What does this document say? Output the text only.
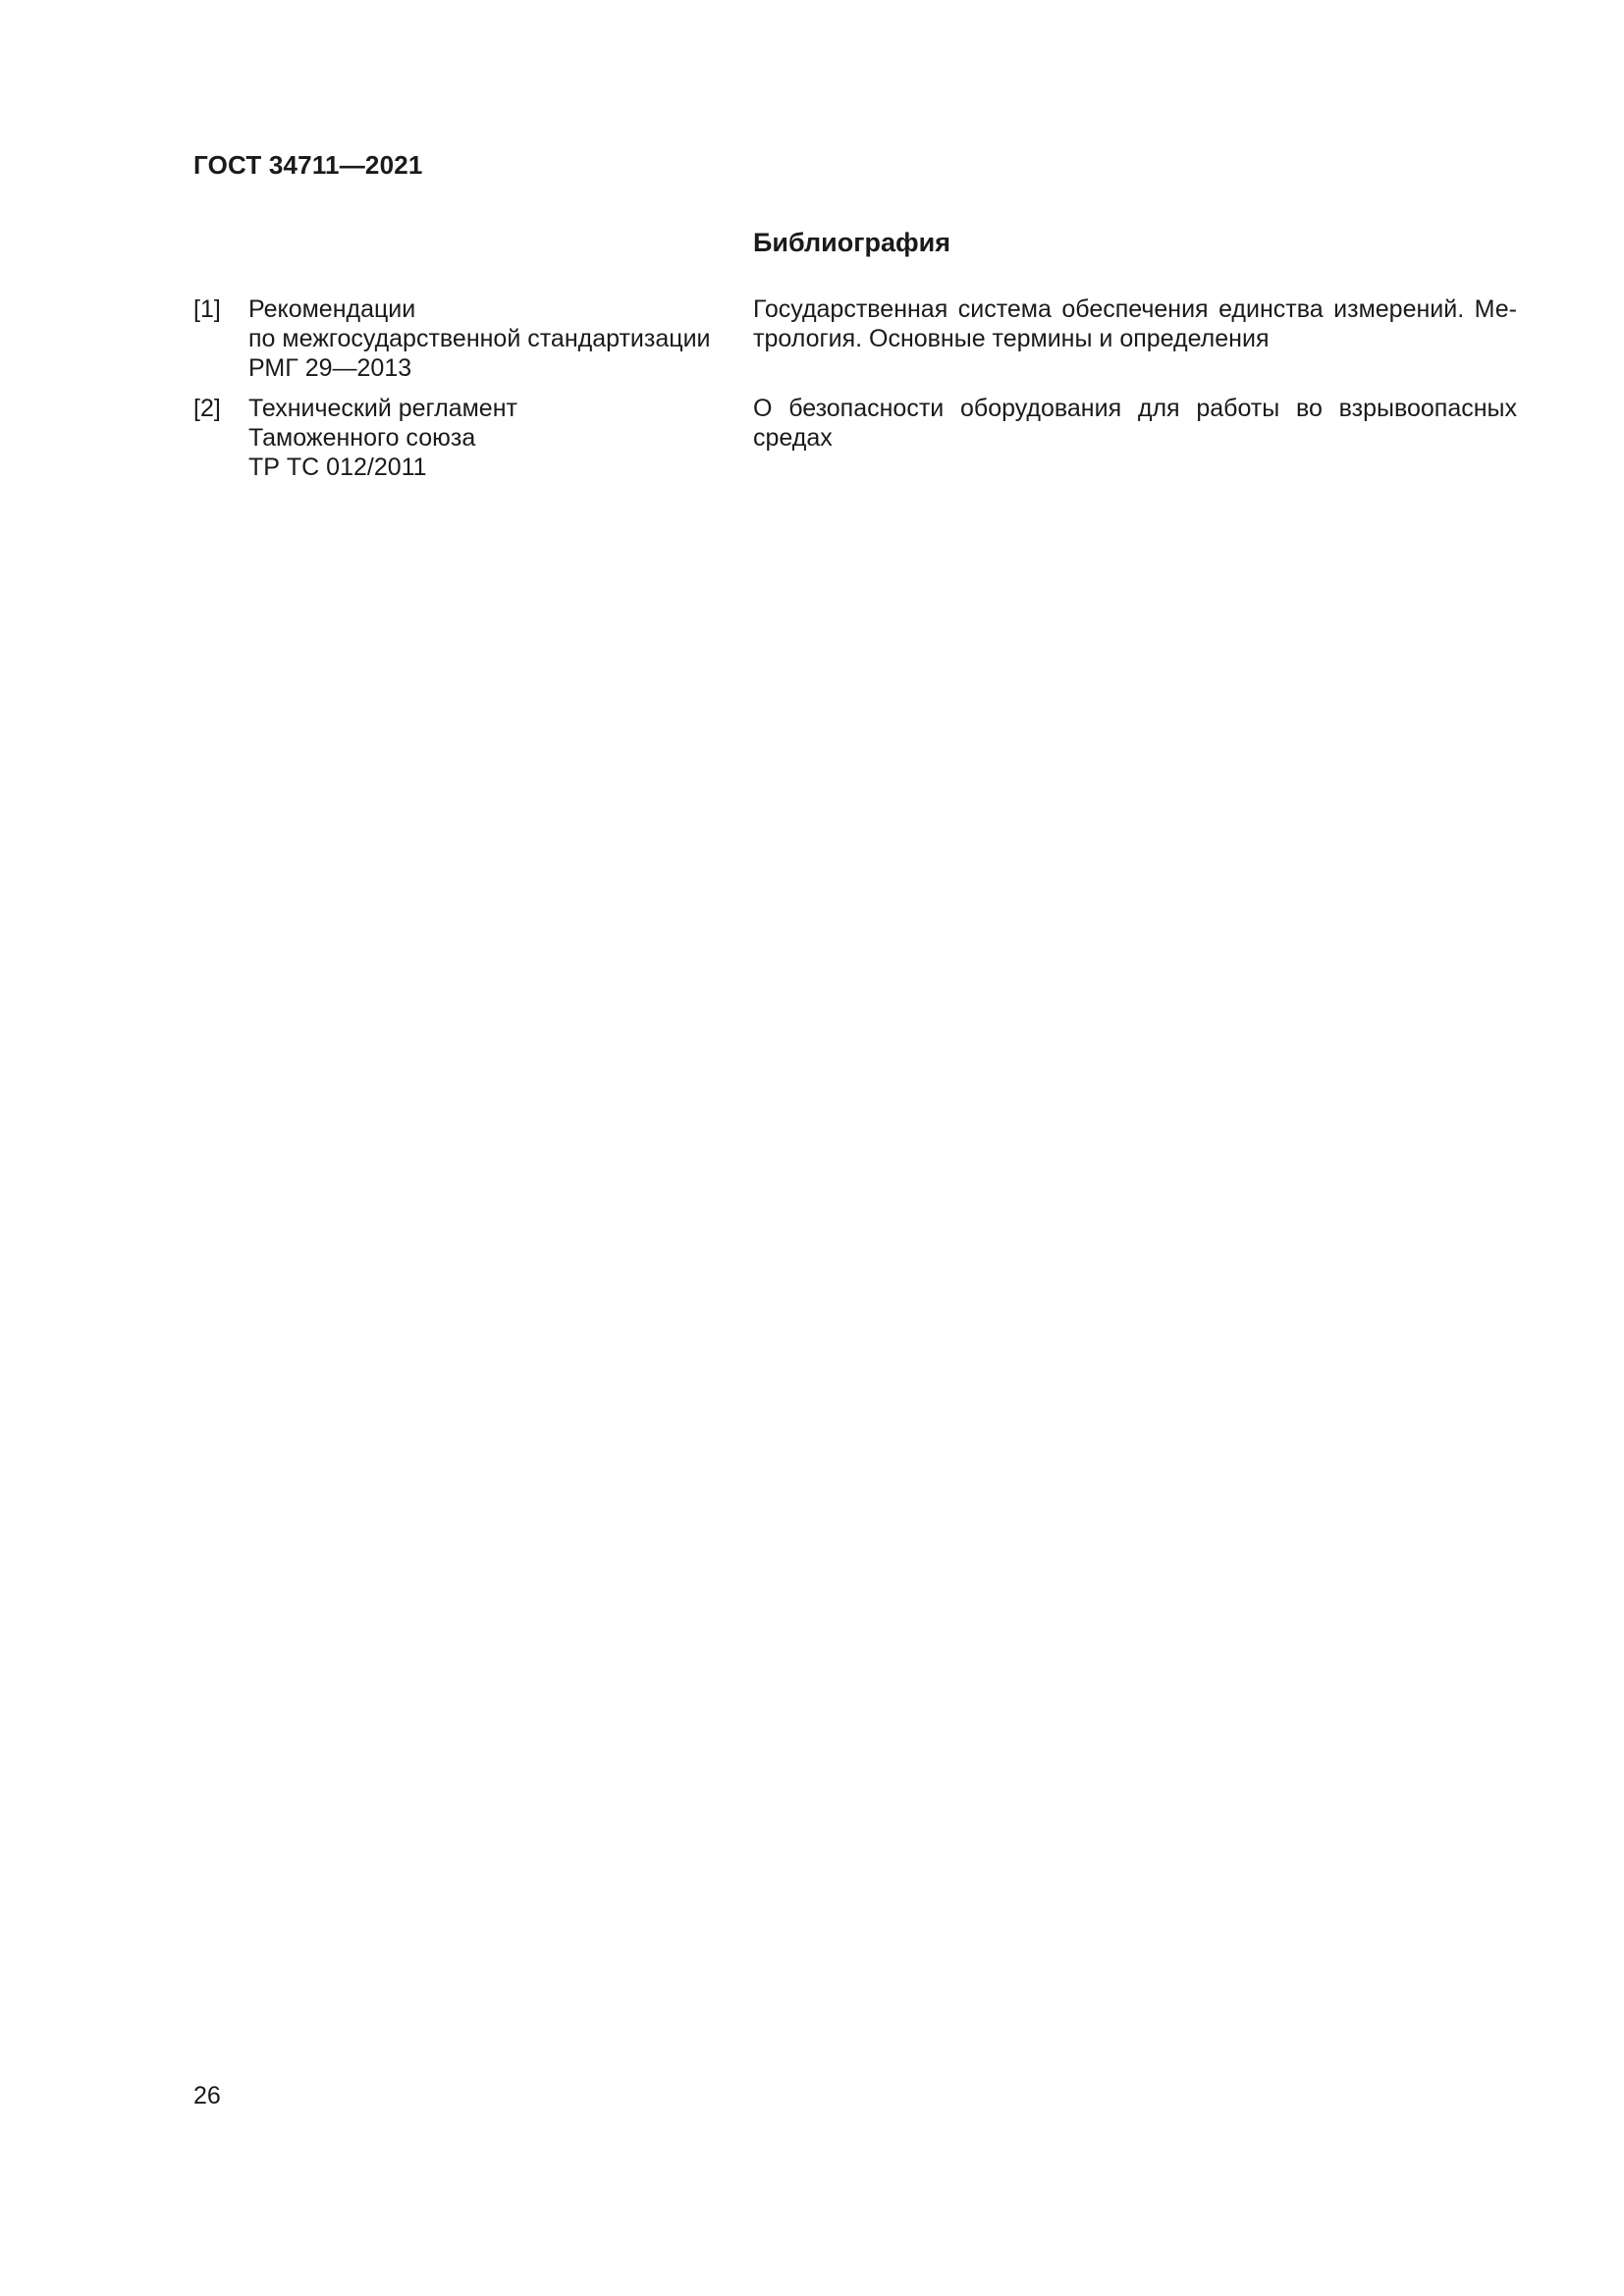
ГОСТ 34711—2021
Библиография
[1] Рекомендации
по межгосударственной стандартизации
РМГ 29—2013
Государственная система обеспечения единства измерений. Ме-
трология. Основные термины и определения
[2] Технический регламент
Таможенного союза
ТР ТС 012/2011
О безопасности оборудования для работы во взрывоопасных
средах
26
